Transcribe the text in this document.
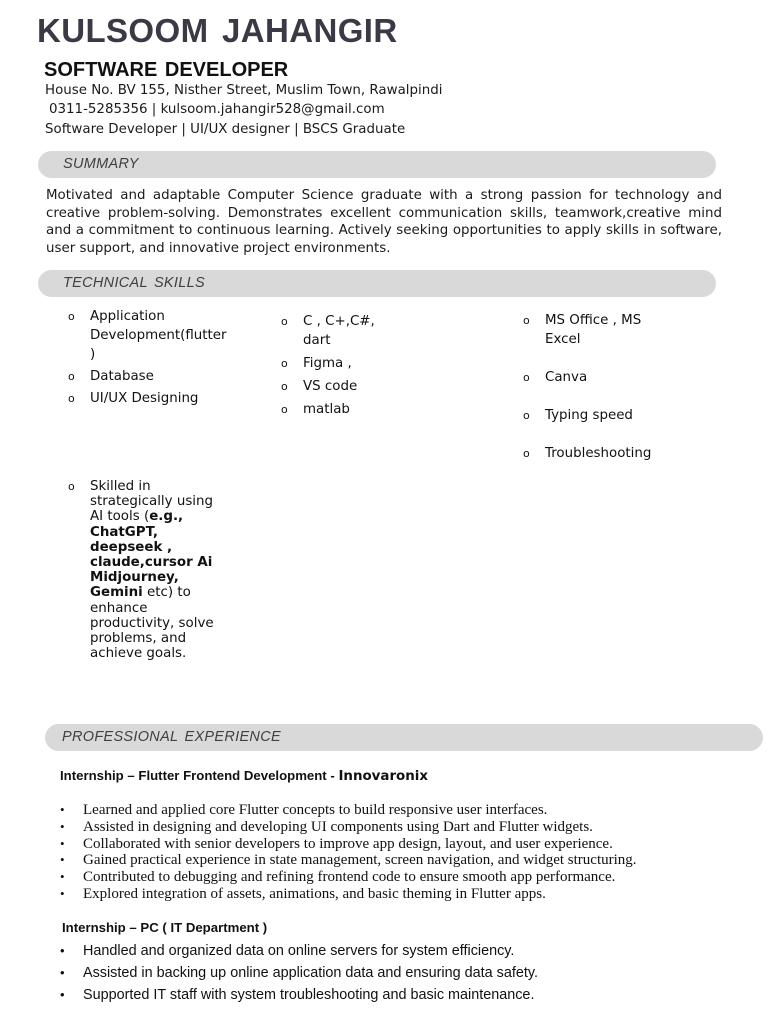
KULSOOM JAHANGIR
SOFTWARE DEVELOPER
House No. BV 155, Nisther Street, Muslim Town, Rawalpindi
0311-5285356 | kulsoom.jahangir528@gmail.com
Software Developer | UI/UX designer | BSCS Graduate
SUMMARY
Motivated and adaptable Computer Science graduate with a strong passion for technology and creative problem-solving. Demonstrates excellent communication skills, teamwork,creative mind and a commitment to continuous learning. Actively seeking opportunities to apply skills in software, user support, and innovative project environments.
TECHNICAL SKILLS
o Application Development(flutter )
o Database
o UI/UX Designing
o C , C+,C#, dart
o Figma ,
o VS code
o matlab
o MS Office , MS Excel
o Canva
o Typing speed
o Troubleshooting
o Skilled in strategically using AI tools (e.g., ChatGPT, deepseek , claude,cursor Ai Midjourney, Gemini etc) to enhance productivity, solve problems, and achieve goals.
PROFESSIONAL EXPERIENCE
Internship – Flutter Frontend Development - Innovaronix
• Learned and applied core Flutter concepts to build responsive user interfaces.
• Assisted in designing and developing UI components using Dart and Flutter widgets.
• Collaborated with senior developers to improve app design, layout, and user experience.
• Gained practical experience in state management, screen navigation, and widget structuring.
• Contributed to debugging and refining frontend code to ensure smooth app performance.
• Explored integration of assets, animations, and basic theming in Flutter apps.
Internship – PC ( IT Department )
• Handled and organized data on online servers for system efficiency.
• Assisted in backing up online application data and ensuring data safety.
• Supported IT staff with system troubleshooting and basic maintenance.
